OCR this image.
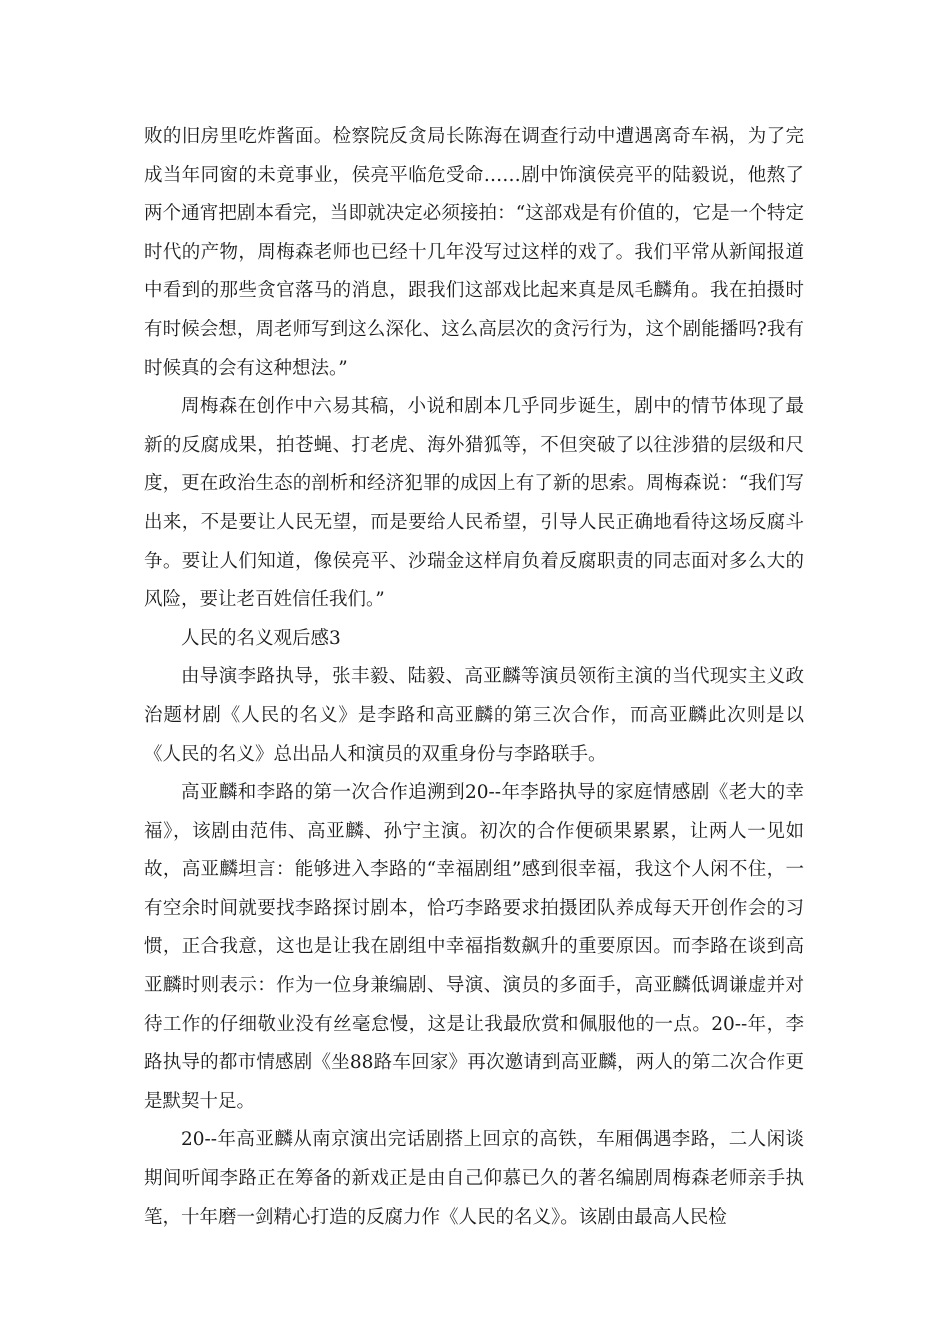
败的旧房里吃炸酱面。检察院反贪局长陈海在调查行动中遭遇离奇车祸，为了完成当年同窗的未竟事业，侯亮平临危受命……剧中饰演侯亮平的陆毅说，他熬了两个通宵把剧本看完，当即就决定必须接拍：“这部戏是有价值的，它是一个特定时代的产物，周梅森老师也已经十几年没写过这样的戏了。我们平常从新闻报道中看到的那些贪官落马的消息，跟我们这部戏比起来真是凤毛麟角。我在拍摄时有时候会想，周老师写到这么深化、这么高层次的贪污行为，这个剧能播吗?我有时候真的会有这种想法。”

周梅森在创作中六易其稿，小说和剧本几乎同步诞生，剧中的情节体现了最新的反腐成果，拍苍蝇、打老虎、海外猎狐等，不但突破了以往涉猎的层级和尺度，更在政治生态的剖析和经济犯罪的成因上有了新的思索。周梅森说：“我们写出来，不是要让人民无望，而是要给人民希望，引导人民正确地看待这场反腐斗争。要让人们知道，像侯亮平、沙瑞金这样肩负着反腐职责的同志面对多么大的风险，要让老百姓信任我们。”

人民的名义观后感3

由导演李路执导，张丰毅、陆毅、高亚麟等演员领衔主演的当代现实主义政治题材剧《人民的名义》是李路和高亚麟的第三次合作，而高亚麟此次则是以《人民的名义》总出品人和演员的双重身份与李路联手。

高亚麟和李路的第一次合作追溯到20--年李路执导的家庭情感剧《老大的幸福》，该剧由范伟、高亚麟、孙宁主演。初次的合作便硕果累累，让两人一见如故，高亚麟坦言：能够进入李路的“幸福剧组”感到很幸福，我这个人闲不住，一有空余时间就要找李路探讨剧本，恰巧李路要求拍摄团队养成每天开创作会的习惯，正合我意，这也是让我在剧组中幸福指数飙升的重要原因。而李路在谈到高亚麟时则表示：作为一位身兼编剧、导演、演员的多面手，高亚麟低调谦虚并对待工作的仔细敬业没有丝毫怠慢，这是让我最欣赏和佩服他的一点。20--年，李路执导的都市情感剧《坐88路车回家》再次邀请到高亚麟，两人的第二次合作更是默契十足。

20--年高亚麟从南京演出完话剧搭上回京的高铁，车厢偶遇李路，二人闲谈期间听闻李路正在筹备的新戏正是由自己仰慕已久的著名编剧周梅森老师亲手执笔，十年磨一剑精心打造的反腐力作《人民的名义》。该剧由最高人民检
